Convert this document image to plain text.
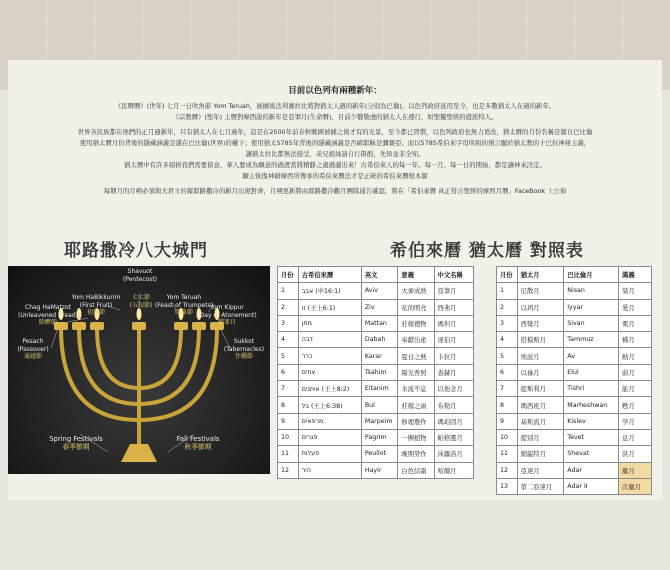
目前以色列有兩種新年：

《民曆曆》(世年) 七月一日吹角節 Yom Teruah，被擄後法利賽拉比將對猶太人過的新年(分別為巴倫)，以色列政府延用至今，也是多數猶太人在過的新年。

《宗教曆》(聖年) 主曆對摩西說的新年是亞筆月(生命曆)，目前少數敬虔的猶太人在遵行，如聖獨聖經的遊派特人。

世界各民族都在他們的正月過新年，只有猶太人在七月過年，這是在2500年前春秋戰國被擄之後才有的光景，至今都已習慣，以色列政府也無力更改，猶太曆的月份名稱是源自巴比倫

使用猶太曆月份背後的隱藏涵義是還在巴比倫(世界)的權下；使用猶太5785年背後的隱藏涵義是否確耶穌是彌賽亞；而以5785希伯來字母所組的預言顯於猶太教的十巴拉神秘主義，

讓猶太拉比都無法接受，弟兄姐妹請自行斟酌，先知並非全知。

猶太曆中有許多紹拼我們需要留意，華人要成為願意的過渡當將精靜之處過濾出來！古希伯來人的每一年、每一月、每一日的開始，都是讓神來決定。

願主恢復神藉摩西所傳承的希伯來曆法才是正統的希伯來曆根本源

每個月的月朔必須與大君王的報耶路撒冷的新月出現對齊，月朔更新將由耶路撒冷觀月團隊通告確認，將在「希伯來曆 真正符合聖經的摩西月曆」FaceBook 上公佈

耶路撒冷八大城門	希伯來曆 猶太曆 對照表
Shavuot
(Pentecost)
Yom HaBikkurim
(First Fruit)
初熟節
七七節
(五旬節)
Yom Teruah
(Feast of Trumpets)
吹角節
Chag HaMatzot
(Unleavened Bread)
除酵節
Yom Kippur
(Day of Atonement)
贖罪日
Pesach
(Passover)
逾越節
Sukkot
(Tabernacles)
住棚節
Spring Festivals
春季節期
Fall Festivals
秋季節期
月份	古希伯來曆	英文	意義	中文名稱
1	אבב (申16:1)	Aviv	大麥成熟	亞筆月
2	זו (王上6:1)	Ziv	花的明亮	西弗月
3	מתן	Mattan	莊稼禮物	瑪坦月
4	דבה	Dabah	奉獻出產	達伯月
5	כרר	Karar	夏日之熱	卡拉月
6	צחים	Tsahim	陽光普照	查赫月
7	איתנים (王上8:2)	Eitanim	水流不息	以他念月
8	בל (王上6:38)	Bul	莊稼之雨	布勒月
9	מרפאים	Marpeim	修理農作	瑪珀因月
10	פגרים	Pagrim	一團植物	帕格靈月
11	פעלות	Peullot	晚期勞作	沛蘿洛月
12	היר	Hayir	白色結霜	哈爾月
月份	猶太月	巴比倫月	漢義
1	尼散月	Nisan	榮月
2	以珥月	Iyyar	愛月
3	西彎月	Sivan	栗月
4	搭模斯月	Tammuz	種月
5	埃波月	Av	熱月
6	以祿月	Elul	蔚月
7	提斯利月	Tishri	能月
8	瑪西班月	Marheshwan	甦月
9	基斯流月	Kislev	孕月
10	提別月	Tevet	息月
11	細罷特月	Shevat	洪月
12	亞達月	Adar	麋月
13	第二亞達月	Adar II	次麋月
